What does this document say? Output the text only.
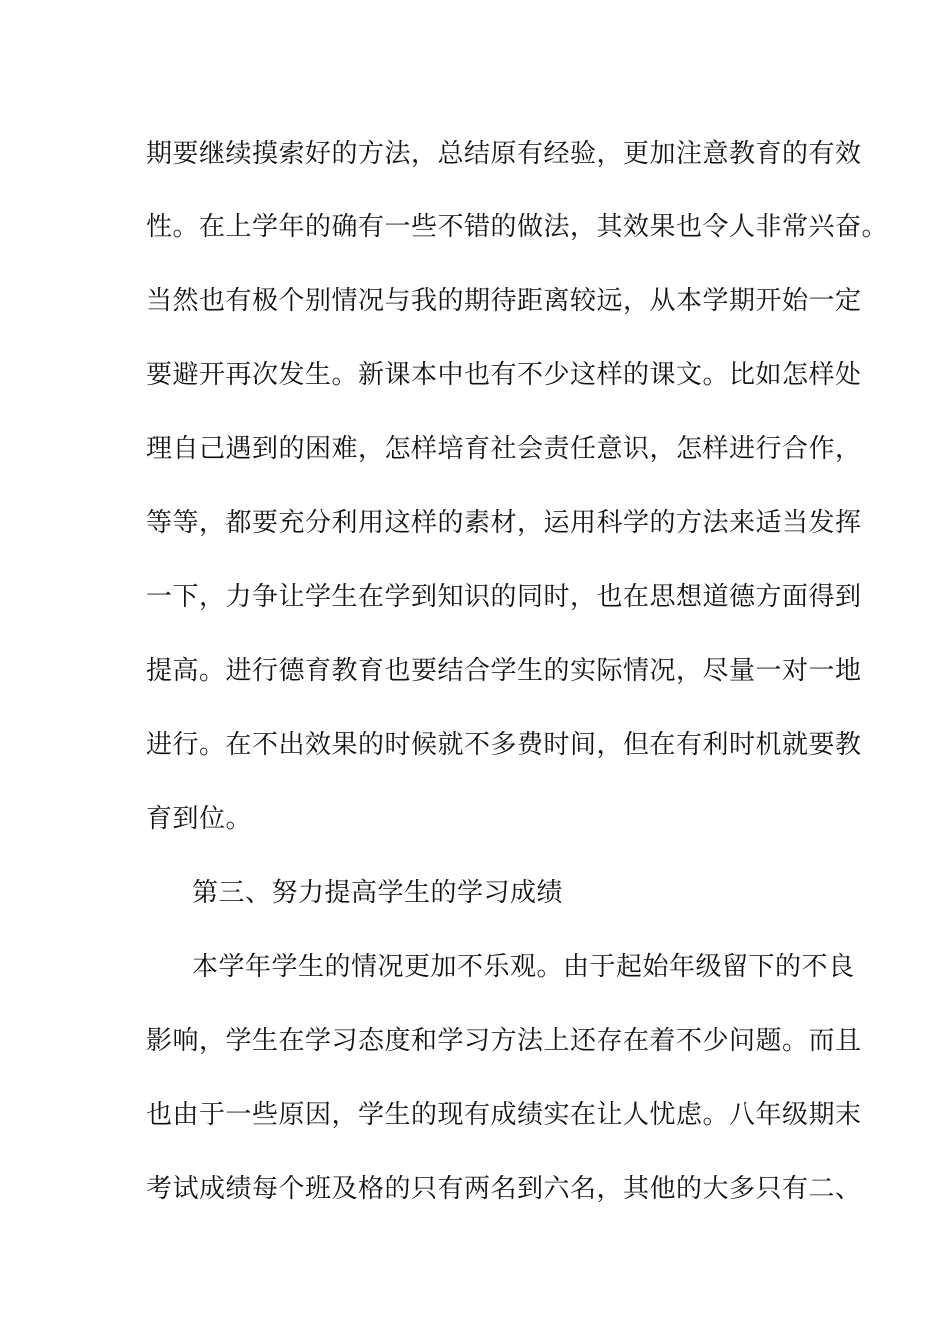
期要继续摸索好的方法，总结原有经验，更加注意教育的有效
性。在上学年的确有一些不错的做法，其效果也令人非常兴奋。
当然也有极个别情况与我的期待距离较远，从本学期开始一定
要避开再次发生。新课本中也有不少这样的课文。比如怎样处
理自己遇到的困难，怎样培育社会责任意识，怎样进行合作，
等等，都要充分利用这样的素材，运用科学的方法来适当发挥
一下，力争让学生在学到知识的同时，也在思想道德方面得到
提高。进行德育教育也要结合学生的实际情况，尽量一对一地
进行。在不出效果的时候就不多费时间，但在有利时机就要教
育到位。
第三、努力提高学生的学习成绩
本学年学生的情况更加不乐观。由于起始年级留下的不良
影响，学生在学习态度和学习方法上还存在着不少问题。而且
也由于一些原因，学生的现有成绩实在让人忧虑。八年级期末
考试成绩每个班及格的只有两名到六名，其他的大多只有二、
